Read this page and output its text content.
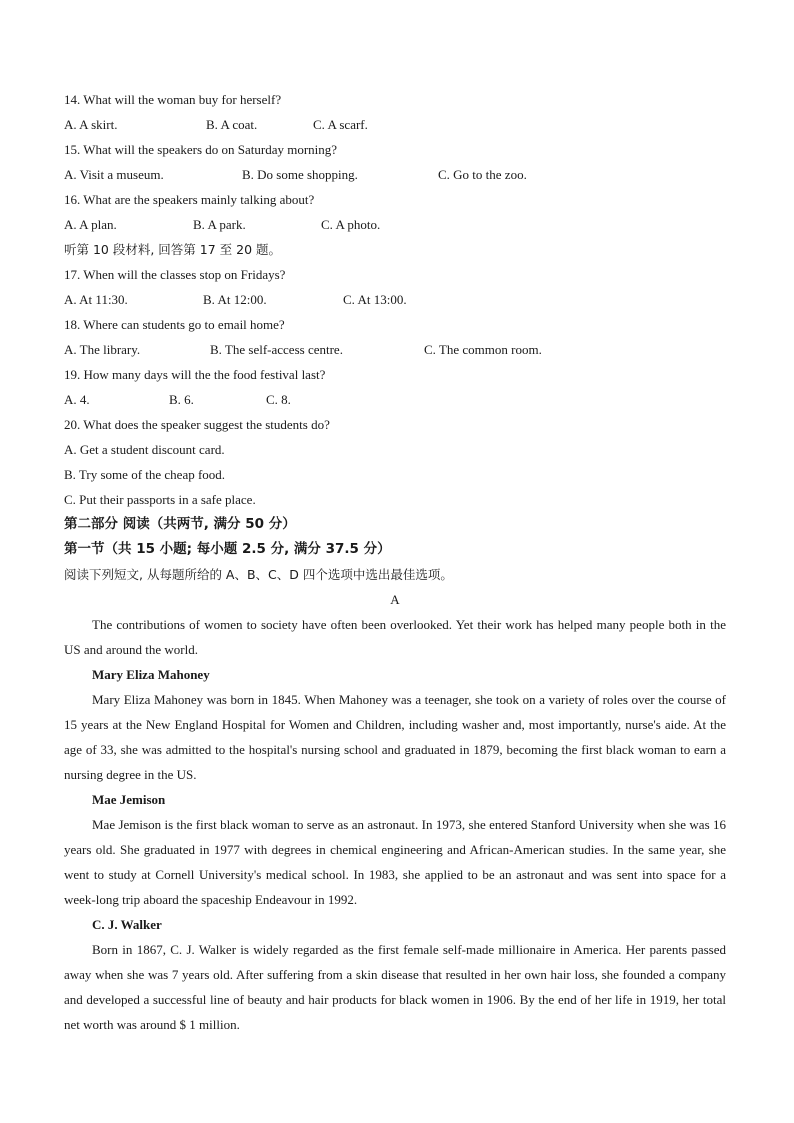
14. What will the woman buy for herself?
A. A skirt.	B. A coat.	C. A scarf.
15. What will the speakers do on Saturday morning?
A. Visit a museum.	B. Do some shopping.	C. Go to the zoo.
16. What are the speakers mainly talking about?
A. A plan.	B. A park.	C. A photo.
听第 10 段材料, 回答第 17 至 20 题。
17. When will the classes stop on Fridays?
A. At 11:30.	B. At 12:00.	C. At 13:00.
18. Where can students go to email home?
A. The library.	B. The self-access centre.	C. The common room.
19. How many days will the the food festival last?
A. 4.	B. 6.	C. 8.
20. What does the speaker suggest the students do?
A. Get a student discount card.
B. Try some of the cheap food.
C. Put their passports in a safe place.
第二部分 阅读（共两节, 满分 50 分）
第一节（共 15 小题; 每小题 2.5 分, 满分 37.5 分）
阅读下列短文, 从每题所给的 A、B、C、D 四个选项中选出最佳选项。
A

The contributions of women to society have often been overlooked. Yet their work has helped many people both in the US and around the world.

Mary Eliza Mahoney

Mary Eliza Mahoney was born in 1845. When Mahoney was a teenager, she took on a variety of roles over the course of 15 years at the New England Hospital for Women and Children, including washer and, most importantly, nurse's aide. At the age of 33, she was admitted to the hospital's nursing school and graduated in 1879, becoming the first black woman to earn a nursing degree in the US.

Mae Jemison

Mae Jemison is the first black woman to serve as an astronaut. In 1973, she entered Stanford University when she was 16 years old. She graduated in 1977 with degrees in chemical engineering and African-American studies. In the same year, she went to study at Cornell University's medical school. In 1983, she applied to be an astronaut and was sent into space for a week-long trip aboard the spaceship Endeavour in 1992.

C. J. Walker

Born in 1867, C. J. Walker is widely regarded as the first female self-made millionaire in America. Her parents passed away when she was 7 years old. After suffering from a skin disease that resulted in her own hair loss, she founded a company and developed a successful line of beauty and hair products for black women in 1906. By the end of her life in 1919, her total net worth was around $ 1 million.
